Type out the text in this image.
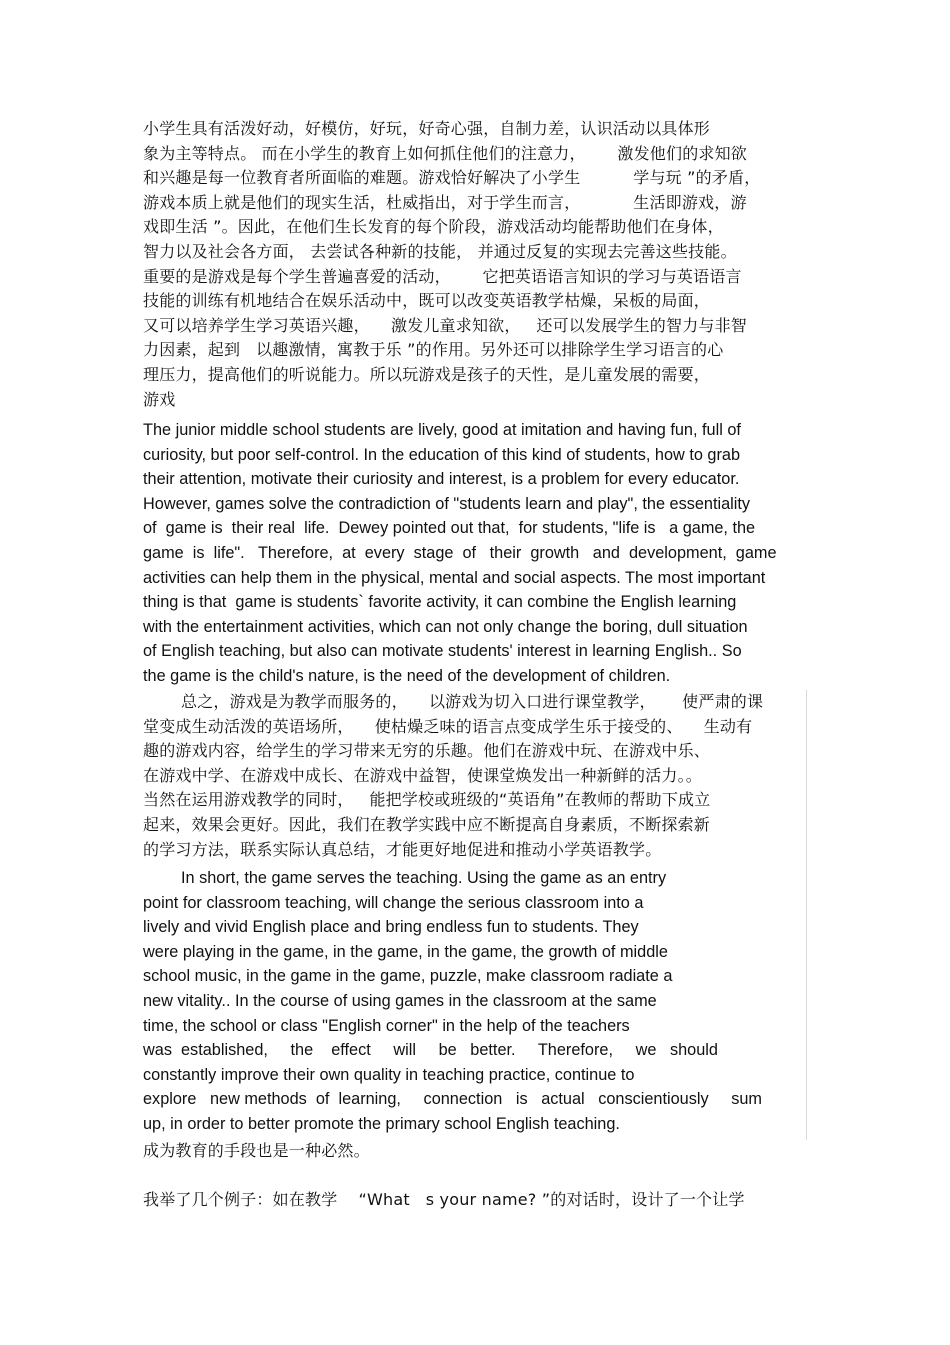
小学生具有活泼好动，好模仿，好玩，好奇心强，自制力差，认识活动以具体形
象为主等特点。 而在小学生的教育上如何抓住他们的注意力，      激发他们的求知欲
和兴趣是每一位教育者所面临的难题。游戏恰好解决了小学生          学与玩 ”的矛盾，
游戏本质上就是他们的现实生活，杜威指出，对于学生而言，          生活即游戏，游
戏即生活 ”。因此，在他们生长发育的每个阶段，游戏活动均能帮助他们在身体，
智力以及社会各方面， 去尝试各种新的技能， 并通过反复的实现去完善这些技能。
重要的是游戏是每个学生普遍喜爱的活动，      它把英语语言知识的学习与英语语言
技能的训练有机地结合在娱乐活动中，既可以改变英语教学枯燥，呆板的局面，
又可以培养学生学习英语兴趣，    激发儿童求知欲，   还可以发展学生的智力与非智
力因素，起到   以趣激情，寓教于乐 ”的作用。另外还可以排除学生学习语言的心
理压力，提高他们的听说能力。所以玩游戏是孩子的天性，是儿童发展的需要，
游戏
The junior middle school students are lively, good at imitation and having fun, full of
curiosity, but poor self-control. In the education of this kind of students, how to grab
their attention, motivate their curiosity and interest, is a problem for every educator.
However, games solve the contradiction of "students learn and play", the essentiality
of  game is  their real  life.  Dewey pointed out that,  for students, "life is   a game, the
game  is  life".   Therefore,  at  every  stage  of   their  growth   and  development,  game
activities can help them in the physical, mental and social aspects. The most important
thing is that  game is students` favorite activity, it can combine the English learning
with the entertainment activities, which can not only change the boring, dull situation
of English teaching, but also can motivate students' interest in learning English.. So
the game is the child's nature, is the need of the development of children.
总之，游戏是为教学而服务的，    以游戏为切入口进行课堂教学，     使严肃的课
堂变成生动活泼的英语场所，    使枯燥乏味的语言点变成学生乐于接受的、    生动有
趣的游戏内容，给学生的学习带来无穷的乐趣。他们在游戏中玩、在游戏中乐、
在游戏中学、在游戏中成长、在游戏中益智，使课堂焕发出一种新鲜的活力。。
当然在运用游戏教学的同时，   能把学校或班级的“英语角”在教师的帮助下成立
起来，效果会更好。因此，我们在教学实践中应不断提高自身素质，不断探索新
的学习方法，联系实际认真总结，才能更好地促进和推动小学英语教学。
In short, the game serves the teaching. Using the game as an entry
point for classroom teaching, will change the serious classroom into a
lively and vivid English place and bring endless fun to students. They
were playing in the game, in the game, in the game, the growth of middle
school music, in the game in the game, puzzle, make classroom radiate a
new vitality.. In the course of using games in the classroom at the same
time, the school or class "English corner" in the help of the teachers
was  established,     the    effect     will     be   better.     Therefore,     we   should
constantly improve their own quality in teaching practice, continue to
explore   new methods  of  learning,     connection   is   actual   conscientiously     sum
up, in order to better promote the primary school English teaching.
成为教育的手段也是一种必然。
我举了几个例子：如在教学    “What   s your name? ”的对话时，设计了一个让学
